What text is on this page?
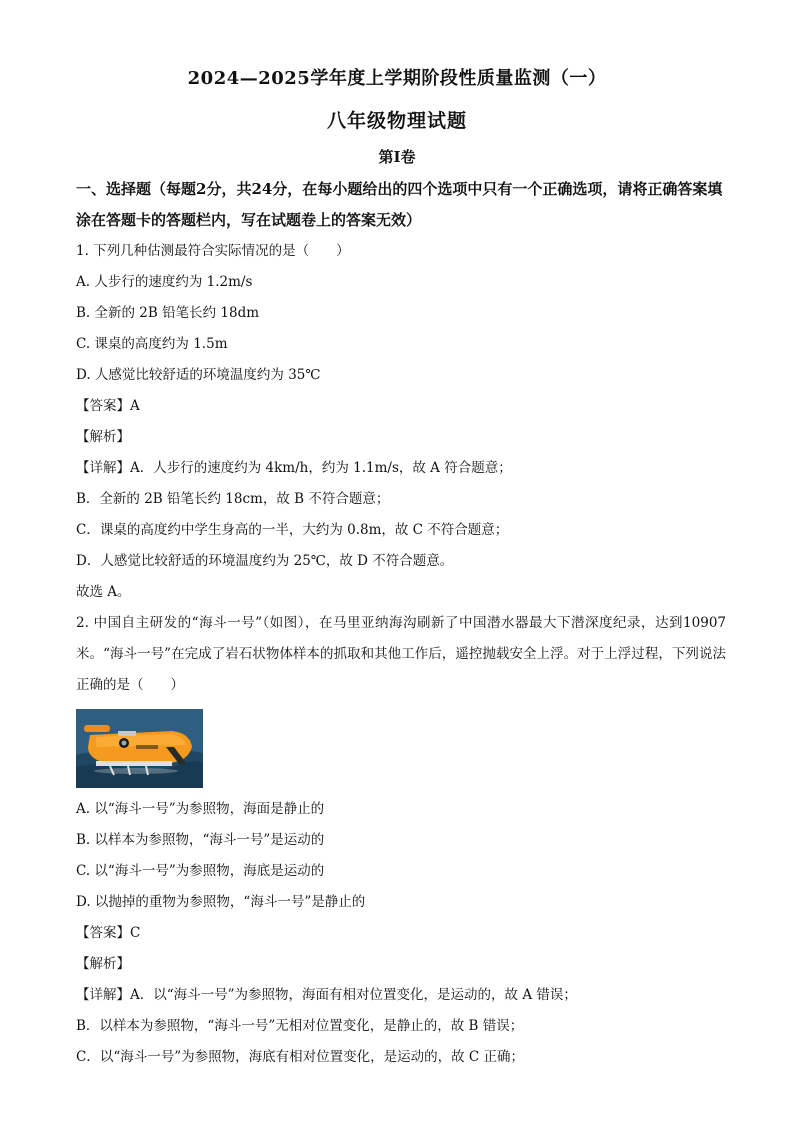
2024—2025学年度上学期阶段性质量监测（一）
八年级物理试题
第Ⅰ卷

一、选择题（每题2分，共24分，在每小题给出的四个选项中只有一个正确选项，请将正确答案填涂在答题卡的答题栏内，写在试题卷上的答案无效）

1. 下列几种估测最符合实际情况的是（　　）

A. 人步行的速度约为 1.2m/s

B. 全新的 2B 铅笔长约 18dm

C. 课桌的高度约为 1.5m

D. 人感觉比较舒适的环境温度约为 35℃

【答案】A

【解析】

【详解】A．人步行的速度约为 4km/h，约为 1.1m/s，故 A 符合题意；

B．全新的 2B 铅笔长约 18cm，故 B 不符合题意；

C．课桌的高度约中学生身高的一半，大约为 0.8m，故 C 不符合题意；

D．人感觉比较舒适的环境温度约为 25℃，故 D 不符合题意。

故选 A。

2. 中国自主研发的“海斗一号”（如图），在马里亚纳海沟刷新了中国潜水器最大下潜深度纪录，达到10907米。“海斗一号”在完成了岩石状物体样本的抓取和其他工作后，遥控抛载安全上浮。对于上浮过程，下列说法正确的是（　　）

A. 以“海斗一号”为参照物，海面是静止的

B. 以样本为参照物，“海斗一号”是运动的

C. 以“海斗一号”为参照物，海底是运动的

D. 以抛掉的重物为参照物，“海斗一号”是静止的

【答案】C

【解析】

【详解】A．以“海斗一号”为参照物，海面有相对位置变化，是运动的，故 A 错误；

B．以样本为参照物，“海斗一号”无相对位置变化，是静止的，故 B 错误；

C．以“海斗一号”为参照物，海底有相对位置变化，是运动的，故 C 正确；
